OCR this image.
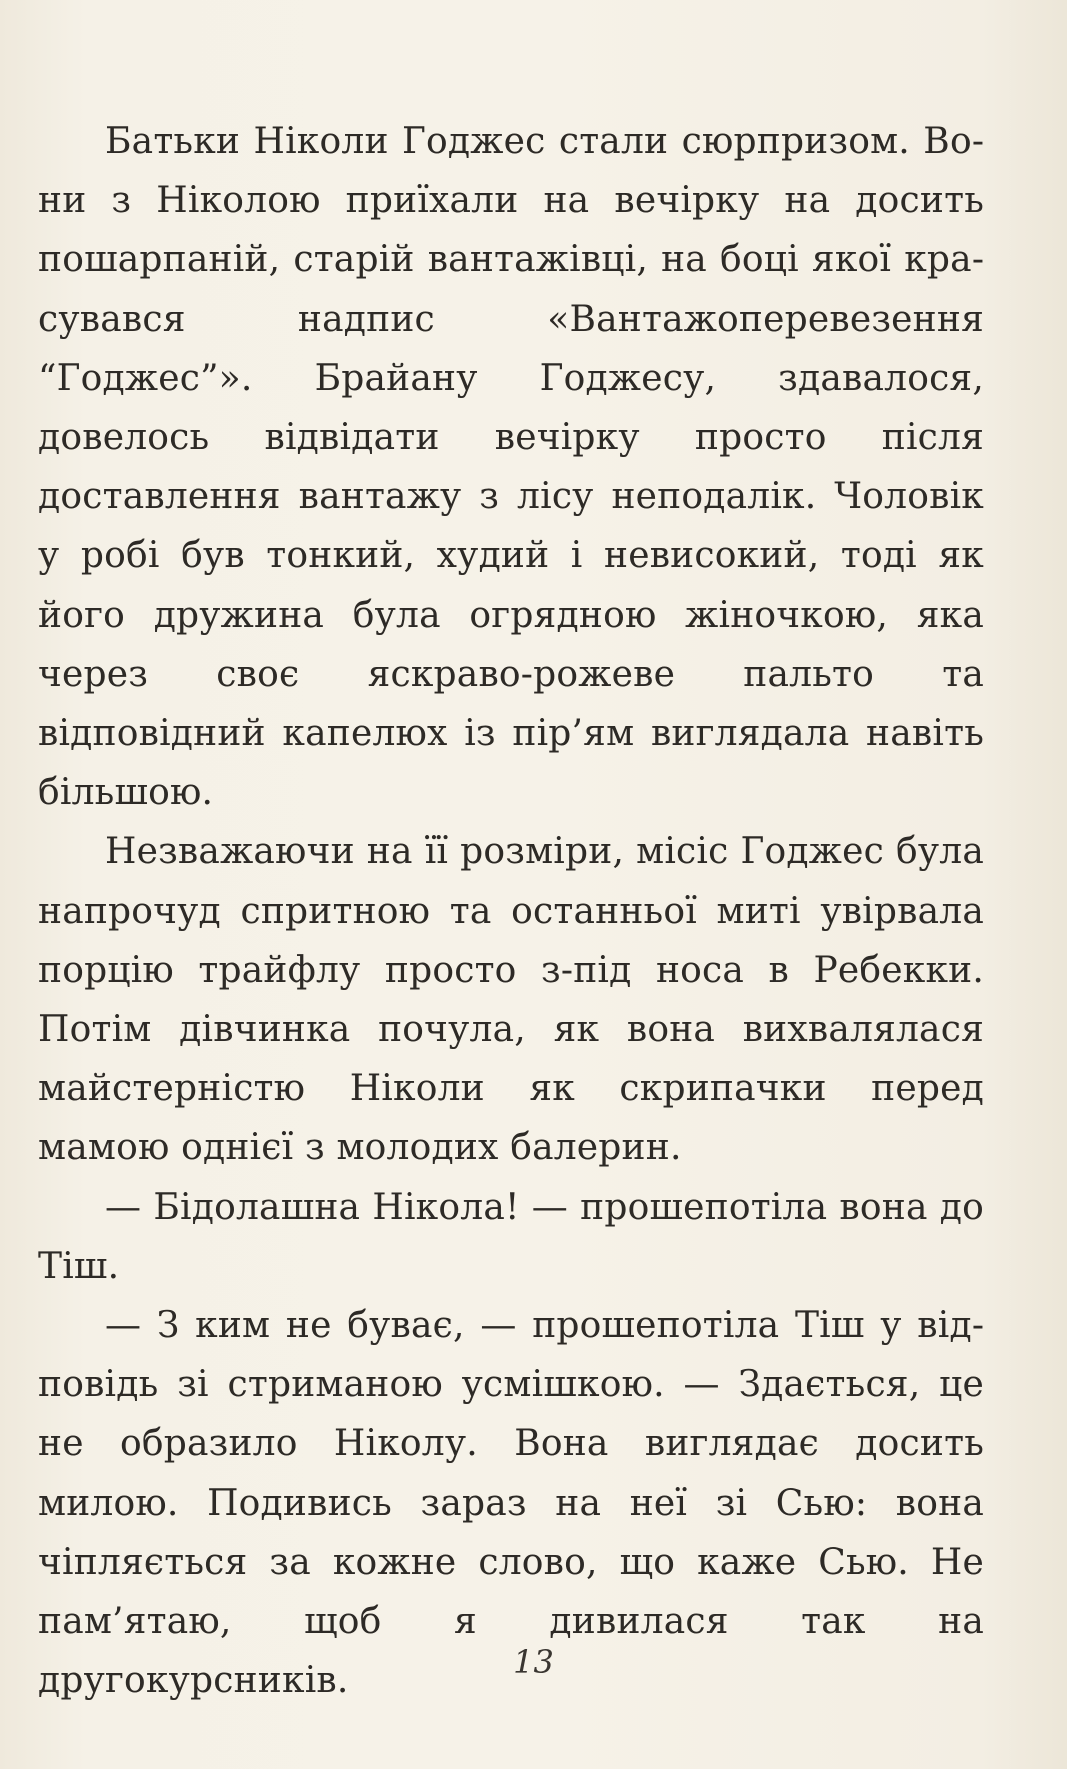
Батьки Ніколи Годжес стали сюрпризом. Вони з Ніколою приїхали на вечірку на досить пошарпаній, старій вантажівці, на боці якої красувався надпис «Вантажоперевезення “Годжес”». Брайану Годжесу, здавалося, довелось відвідати вечірку просто після доставлення вантажу з лісу неподалік. Чоловік у робі був тонкий, худий і невисокий, тоді як його дружина була огрядною жіночкою, яка через своє яскраво-рожеве пальто та відповідний капелюх із пір’ям виглядала навіть більшою.

Незважаючи на її розміри, місіс Годжес була напрочуд спритною та останньої миті увірвала порцію трайфлу просто з-під носа в Ребекки. Потім дівчинка почула, як вона вихвалялася майстерністю Ніколи як скрипачки перед мамою однієї з молодих балерин.

— Бідолашна Нікола! — прошепотіла вона до Тіш.

— З ким не буває, — прошепотіла Тіш у відповідь зі стриманою усмішкою. — Здається, це не образило Ніколу. Вона виглядає досить милою. Подивись зараз на неї зі Сью: вона чіпляється за кожне слово, що каже Сью. Не пам’ятаю, щоб я дивилася так на другокурсників.	13
